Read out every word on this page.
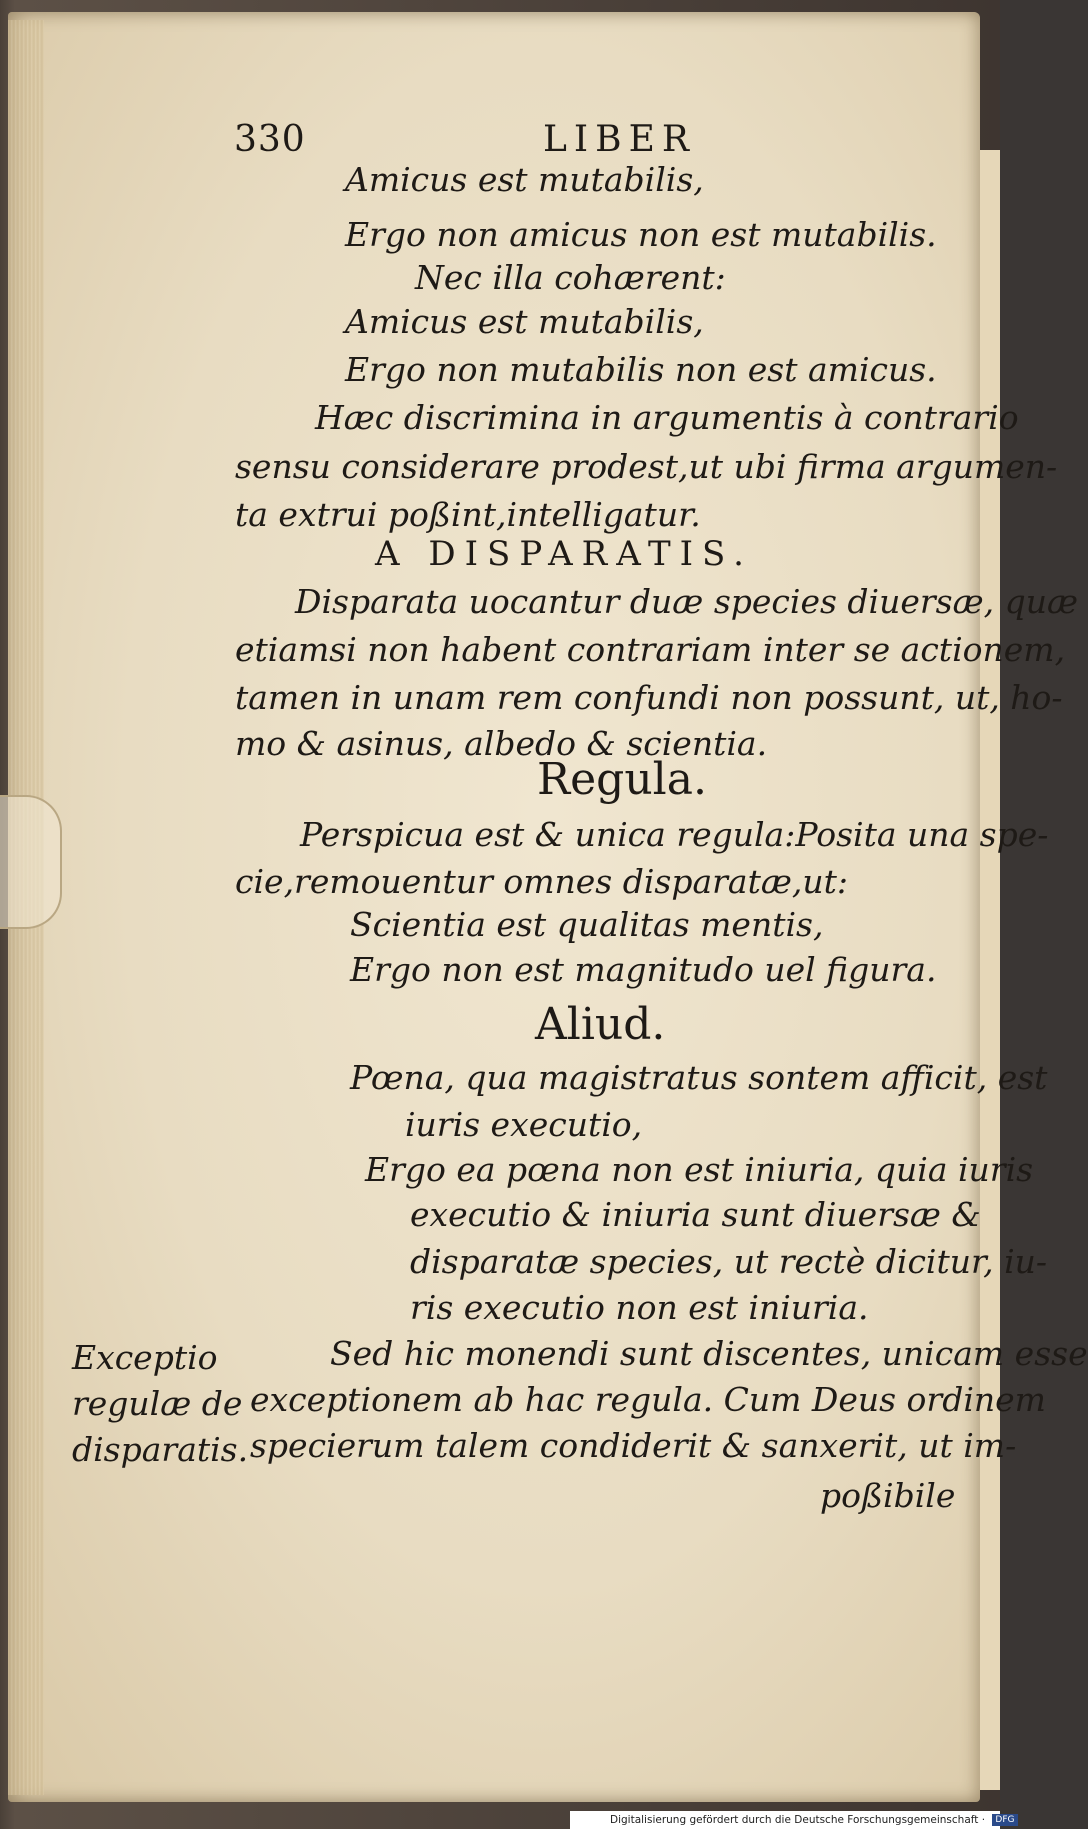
330	LIBER
Amicus est mutabilis,
Ergo non amicus non est mutabilis.
Nec illa cohærent:
Amicus est mutabilis,
Ergo non mutabilis non est amicus.
Hæc discrimina in argumentis à contrario
sensu considerare prodest,ut ubi firma argumen-
ta extrui poßint,intelligatur.
A DISPARATIS.
Disparata uocantur duæ species diuersæ, quæ
etiamsi non habent contrariam inter se actionem,
tamen in unam rem confundi non possunt, ut, ho-
mo & asinus, albedo & scientia.
Regula.
Perspicua est & unica regula:Posita una spe-
cie,remouentur omnes disparatæ,ut:
Scientia est qualitas mentis,
Ergo non est magnitudo uel figura.
Aliud.
Pœna, qua magistratus sontem afficit, est
iuris executio,
Ergo ea pœna non est iniuria, quia iuris
executio & iniuria sunt diuersæ &
disparatæ species, ut rectè dicitur, iu-
ris executio non est iniuria.
Sed hic monendi sunt discentes, unicam esse
exceptionem ab hac regula. Cum Deus ordinem
specierum talem condiderit & sanxerit, ut im-
poßibile
Exceptio
regulæ de
disparatis.
Digitalisierung gefördert durch die Deutsche Forschungsgemeinschaft · DFG
